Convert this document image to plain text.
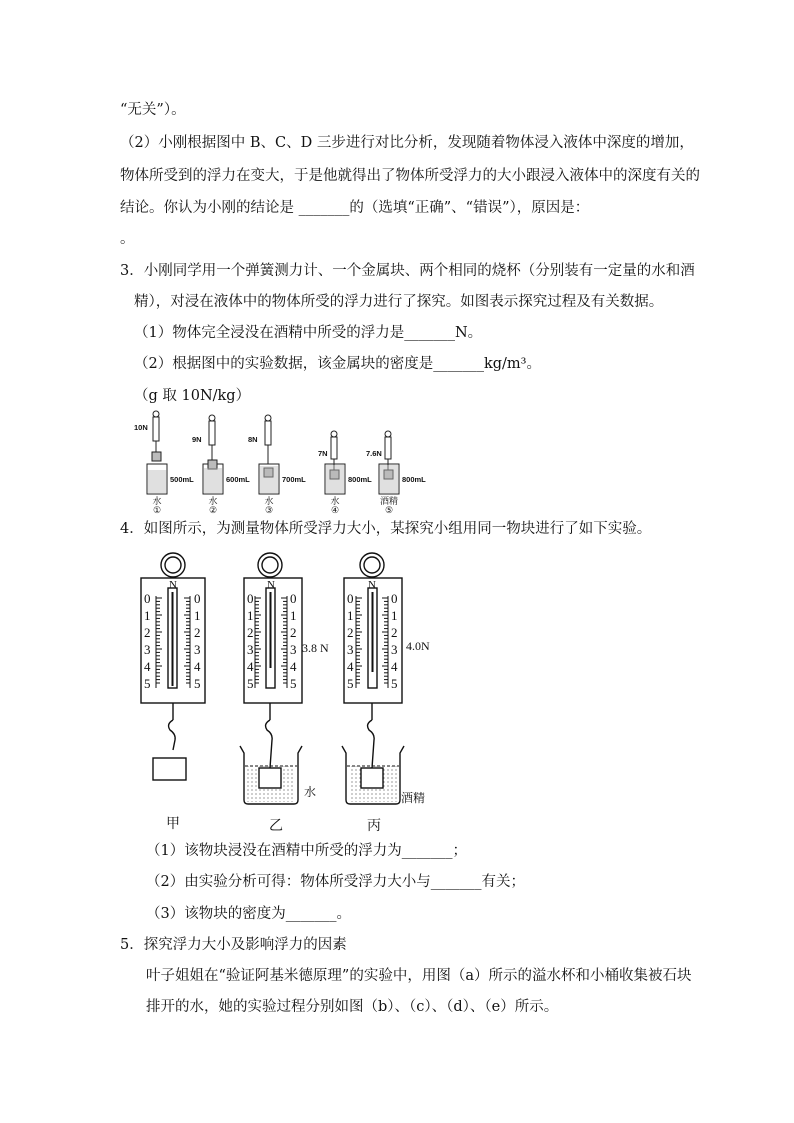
“无关”）。
（2）小刚根据图中 B、C、D 三步进行对比分析，发现随着物体浸入液体中深度的增加，
物体所受到的浮力在变大，于是他就得出了物体所受浮力的大小跟浸入液体中的深度有关的
结论。你认为小刚的结论是 _______的（选填“正确”、“错误”），原因是：
。
3．小刚同学用一个弹簧测力计、一个金属块、两个相同的烧杯（分别装有一定量的水和酒
精），对浸在液体中的物体所受的浮力进行了探究。如图表示探究过程及有关数据。
（1）物体完全浸没在酒精中所受的浮力是_______N。
（2）根据图中的实验数据，该金属块的密度是_______kg/m³。
（g 取 10N/kg）
10N
9N	8N
7N	7.6N
500mL	600mL	700mL	800mL	800mL
水	水	水	水	酒精
①	②	③	④	⑤
4．如图所示，为测量物体所受浮力大小，某探究小组用同一物块进行了如下实验。
N	N	N
0	0
1	1
2	2
3	3
4	4
5	5
0	0
1	1
2	2
3	3
4	4
5	5
0	0
1	1
2	2
3	3
4	4
5	5
3.8 N	4.0N
水	酒精
甲	乙	丙
（1）该物块浸没在酒精中所受的浮力为_______；
（2）由实验分析可得：物体所受浮力大小与_______有关；
（3）该物块的密度为_______。
5．探究浮力大小及影响浮力的因素
叶子姐姐在“验证阿基米德原理”的实验中，用图（a）所示的溢水杯和小桶收集被石块
排开的水，她的实验过程分别如图（b）、（c）、（d）、（e）所示。
